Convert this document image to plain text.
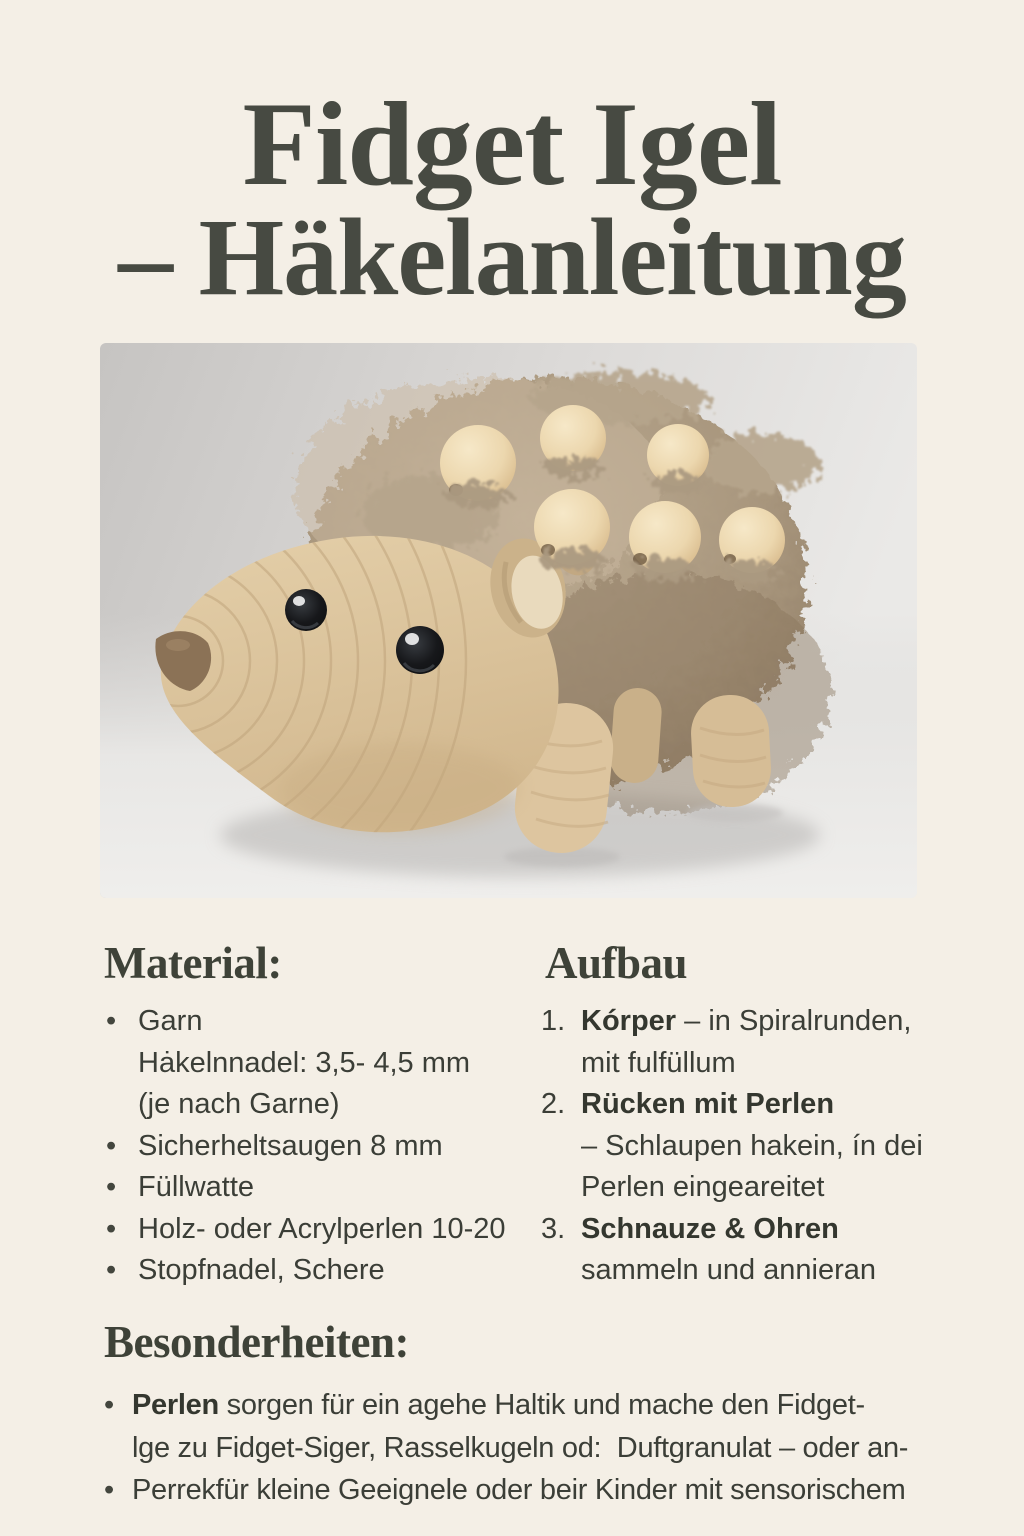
Fidget Igel
– Häkelanleitung
Material:
• Garn
Hȧkelnnadel: 3,5- 4,5 mm
(je nach Garne)
• Sicherheltsaugen 8 mm
• Füllwatte
• Holz- oder Acrylperlen 10-20
• Stopfnadel, Schere
Aufbau
1. Kórper – in Spiralrunden,
mit fulfüllum
2. Rücken mit Perlen
– Schlaupen hakein, ín dei
Perlen eingeareitet
3. Schnauze & Ohren
sammeln und annieran
Besonderheiten:
• Perlen sorgen für ein agehe Haltik und mache den Fidget-
lge zu Fidget-Siger, Rasselkugeln od:  Duftgranulat – oder an-
• Perrekfür kleine Geeignele oder beir Kinder mit sensorischem
